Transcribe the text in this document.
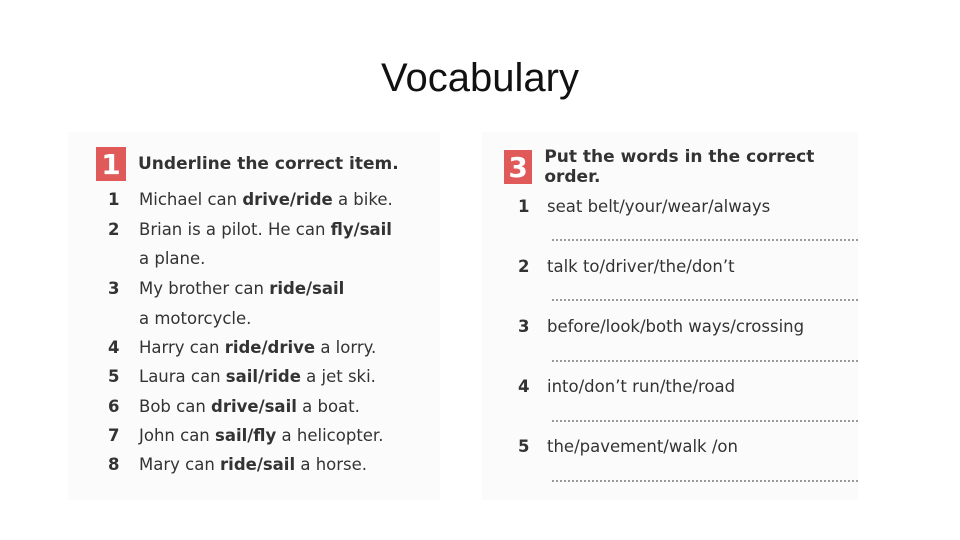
Vocabulary
1	Underline the correct item.
1	Michael can drive/ride a bike.
2	Brian is a pilot. He can fly/sail
a plane.
3	My brother can ride/sail
a motorcycle.
4	Harry can ride/drive a lorry.
5	Laura can sail/ride a jet ski.
6	Bob can drive/sail a boat.
7	John can sail/fly a helicopter.
8	Mary can ride/sail a horse.
3 Put the words in the correct order.
1	seat belt/your/wear/always
2	talk to/driver/the/don’t
3	before/look/both ways/crossing
4	into/don’t run/the/road
5	the/pavement/walk /on
